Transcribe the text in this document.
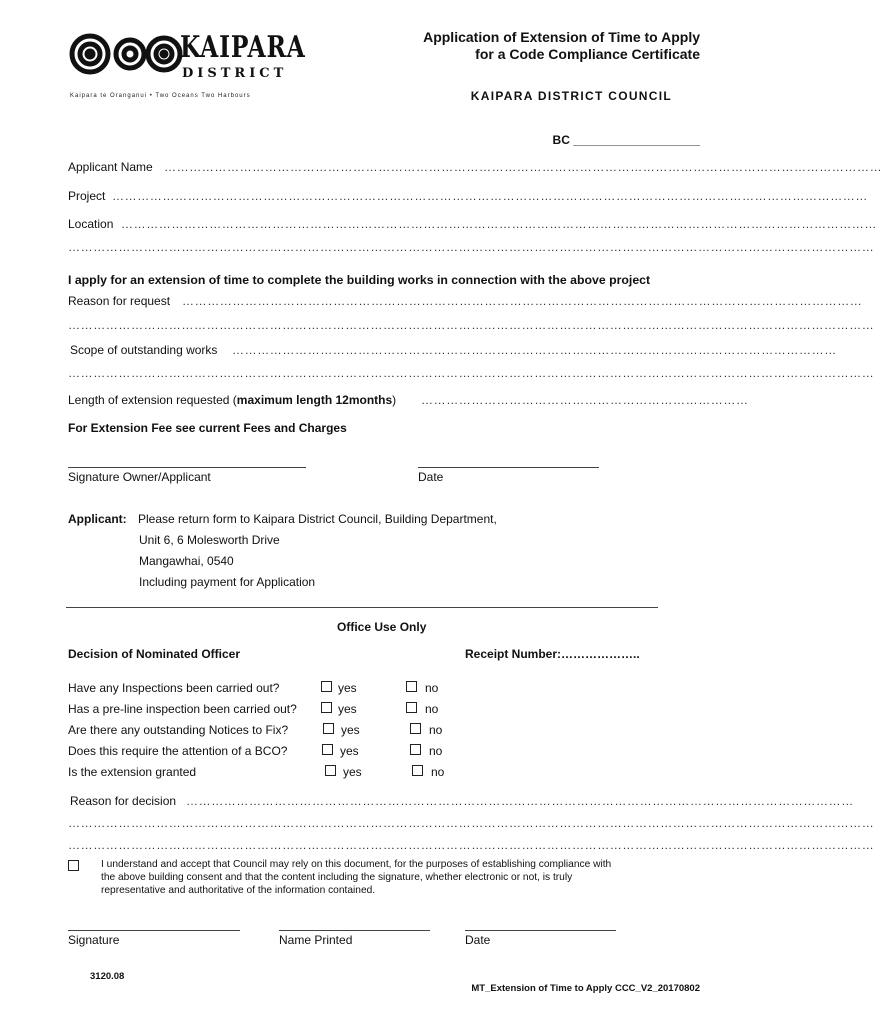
KAIPARA
DISTRICT
Kaipara te Oranganui • Two Oceans Two Harbours
Application of Extension of Time to Apply
for a Code Compliance Certificate
KAIPARA DISTRICT COUNCIL
BC ___________________
Applicant Name ………………………………………………………………………………………………………………………………………………………
Project ………………………………………………………………………………………………………………………………………………………………
Location ………………………………………………………………………………………………………………………………………………………………
…………………………………………………………………………………………………………………………………………………………………………
I apply for an extension of time to complete the building works in connection with the above project
Reason for request ………………………………………………………………………………………………………………………………………………
…………………………………………………………………………………………………………………………………………………………………………
Scope of outstanding works ………………………………………………………………………………………………………………………………
…………………………………………………………………………………………………………………………………………………………………………
Length of extension requested (maximum length 12months) ……………………………………………………………………
For Extension Fee see current Fees and Charges
Signature Owner/Applicant	Date
Applicant: Please return form to Kaipara District Council, Building Department,
Unit 6, 6 Molesworth Drive
Mangawhai, 0540
Including payment for Application
Office Use Only
Decision of Nominated Officer	Receipt Number:………………..
Have any Inspections been carried out?	yes	no
Has a pre-line inspection been carried out?	yes	no
Are there any outstanding Notices to Fix?	yes	no
Does this require the attention of a BCO?	yes	no
Is the extension granted	yes	no
Reason for decision ……………………………………………………………………………………………………………………………………………
…………………………………………………………………………………………………………………………………………………………………………
…………………………………………………………………………………………………………………………………………………………………………
I understand and accept that Council may rely on this document, for the purposes of establishing compliance with
the above building consent and that the content including the signature, whether electronic or not, is truly
representative and authoritative of the information contained.
Signature	Name Printed	Date
3120.08
MT_Extension of Time to Apply CCC_V2_20170802
